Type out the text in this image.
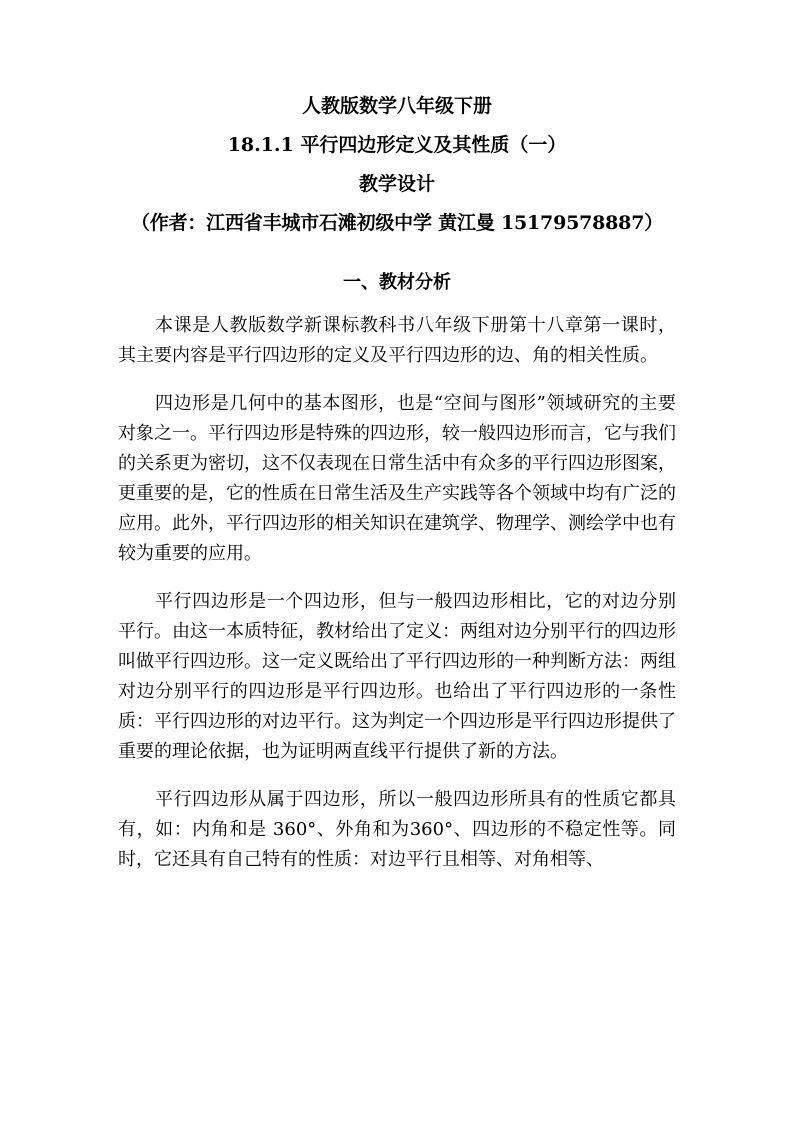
人教版数学八年级下册
18.1.1 平行四边形定义及其性质（一）
教学设计
（作者：江西省丰城市石滩初级中学 黄江曼 15179578887）
一、教材分析

本课是人教版数学新课标教科书八年级下册第十八章第一课时，其主要内容是平行四边形的定义及平行四边形的边、角的相关性质。

四边形是几何中的基本图形，也是“空间与图形”领域研究的主要对象之一。平行四边形是特殊的四边形，较一般四边形而言，它与我们的关系更为密切，这不仅表现在日常生活中有众多的平行四边形图案，更重要的是，它的性质在日常生活及生产实践等各个领域中均有广泛的应用。此外，平行四边形的相关知识在建筑学、物理学、测绘学中也有较为重要的应用。

平行四边形是一个四边形，但与一般四边形相比，它的对边分别平行。由这一本质特征，教材给出了定义：两组对边分别平行的四边形叫做平行四边形。这一定义既给出了平行四边形的一种判断方法：两组对边分别平行的四边形是平行四边形。也给出了平行四边形的一条性质：平行四边形的对边平行。这为判定一个四边形是平行四边形提供了重要的理论依据，也为证明两直线平行提供了新的方法。

平行四边形从属于四边形，所以一般四边形所具有的性质它都具有，如：内角和是 360°、外角和为360°、四边形的不稳定性等。同时，它还具有自己特有的性质：对边平行且相等、对角相等、
